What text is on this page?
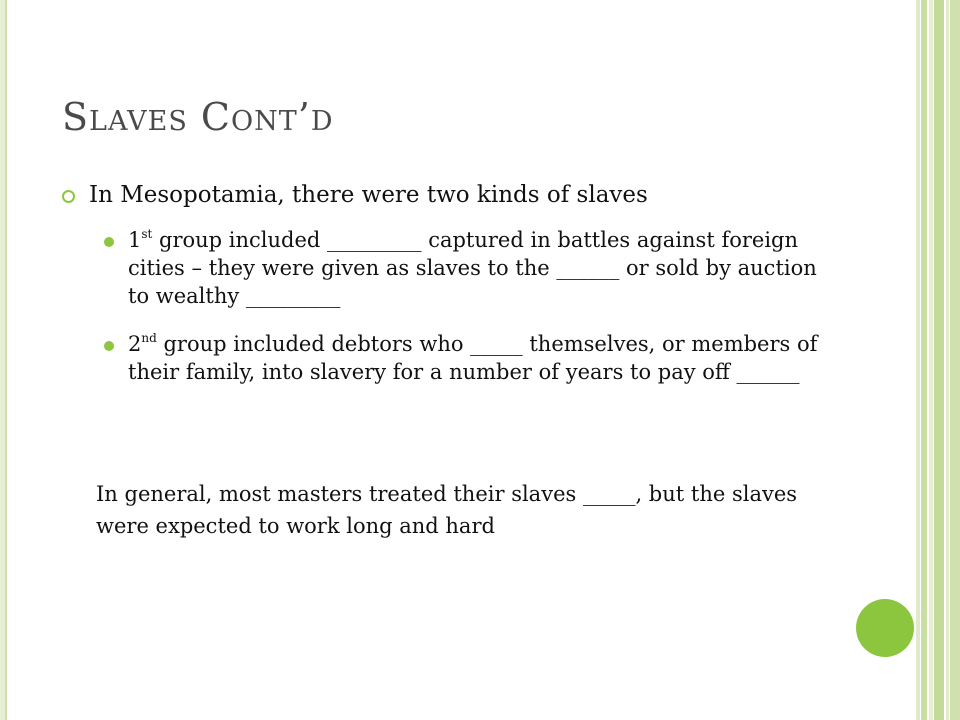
Slaves Cont’d
In Mesopotamia, there were two kinds of slaves
1st group included _________ captured in battles against foreign cities – they were given as slaves to the ______ or sold by auction to wealthy _________
2nd group included debtors who _____ themselves, or members of their family, into slavery for a number of years to pay off ______
In general, most masters treated their slaves _____, but the slaves were expected to work long and hard
